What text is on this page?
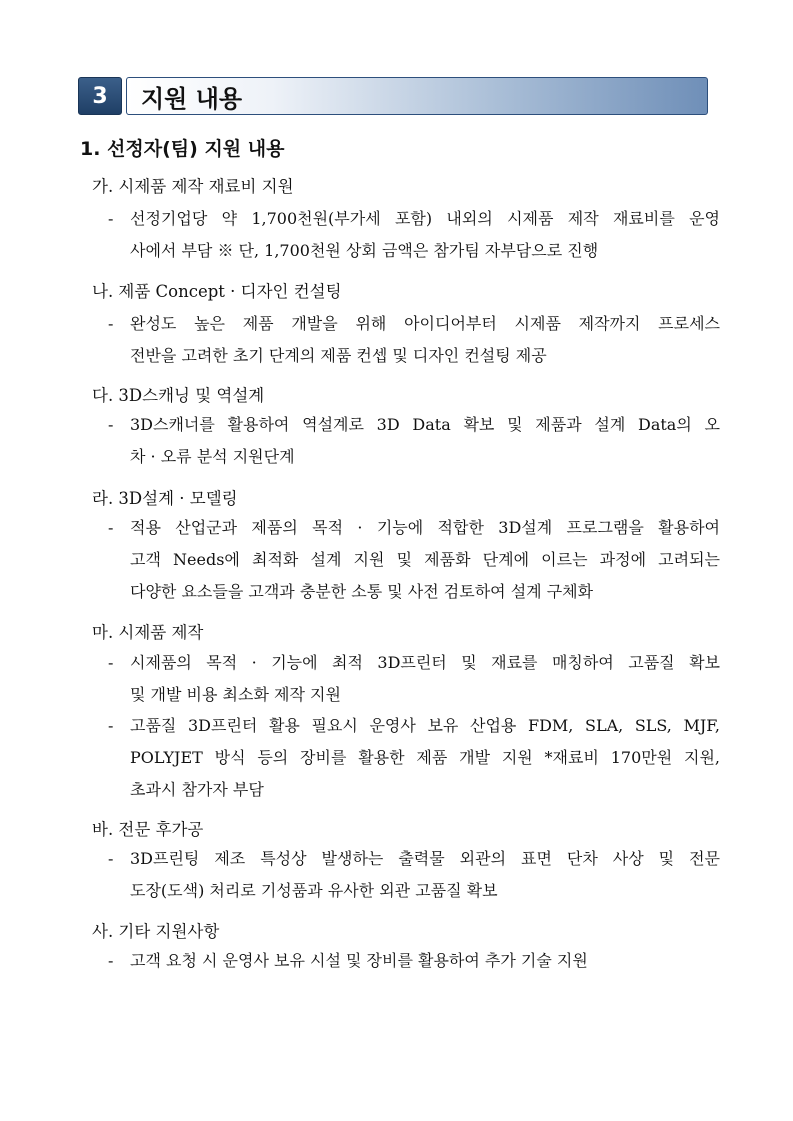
3	지원 내용
1. 선정자(팀) 지원 내용
가. 시제품 제작 재료비 지원
- 선정기업당 약 1,700천원(부가세 포함) 내외의 시제품 제작 재료비를 운영
사에서 부담 ※ 단, 1,700천원 상회 금액은 참가팀 자부담으로 진행
나. 제품 Concept · 디자인 컨설팅
- 완성도 높은 제품 개발을 위해 아이디어부터 시제품 제작까지 프로세스
전반을 고려한 초기 단계의 제품 컨셉 및 디자인 컨설팅 제공
다. 3D스캐닝 및 역설계
- 3D스캐너를 활용하여 역설계로 3D Data 확보 및 제품과 설계 Data의 오
차 · 오류 분석 지원단계
라. 3D설계 · 모델링
- 적용 산업군과 제품의 목적 · 기능에 적합한 3D설계 프로그램을 활용하여
고객 Needs에 최적화 설계 지원 및 제품화 단계에 이르는 과정에 고려되는
다양한 요소들을 고객과 충분한 소통 및 사전 검토하여 설계 구체화
마. 시제품 제작
- 시제품의 목적 · 기능에 최적 3D프린터 및 재료를 매칭하여 고품질 확보
및 개발 비용 최소화 제작 지원
- 고품질 3D프린터 활용 필요시 운영사 보유 산업용 FDM, SLA, SLS, MJF,
POLYJET 방식 등의 장비를 활용한 제품 개발 지원 *재료비 170만원 지원,
초과시 참가자 부담
바. 전문 후가공
- 3D프린팅 제조 특성상 발생하는 출력물 외관의 표면 단차 사상 및 전문
도장(도색) 처리로 기성품과 유사한 외관 고품질 확보
사. 기타 지원사항
- 고객 요청 시 운영사 보유 시설 및 장비를 활용하여 추가 기술 지원
